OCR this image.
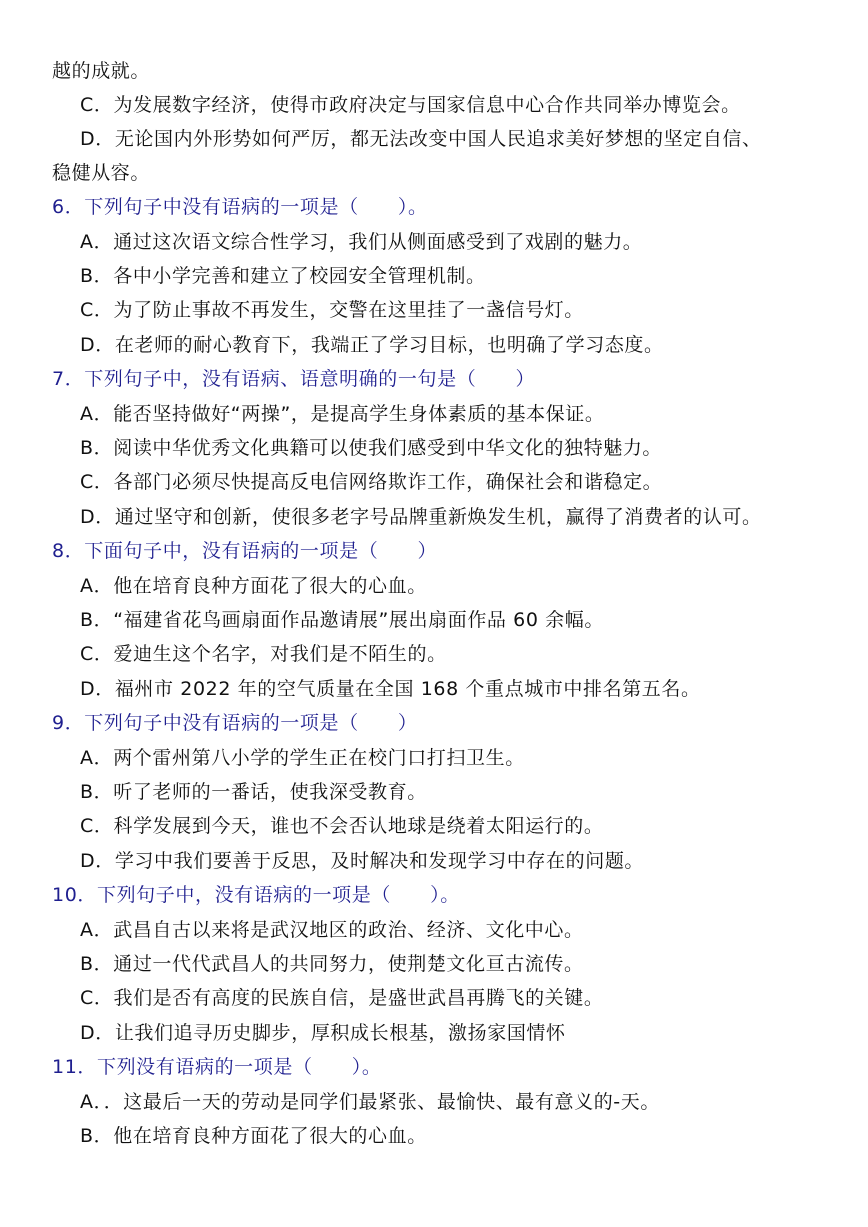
越的成就。
C．为发展数字经济，使得市政府决定与国家信息中心合作共同举办博览会。
D．无论国内外形势如何严厉，都无法改变中国人民追求美好梦想的坚定自信、
稳健从容。
6．下列句子中没有语病的一项是（　　）。
A．通过这次语文综合性学习，我们从侧面感受到了戏剧的魅力。
B．各中小学完善和建立了校园安全管理机制。
C．为了防止事故不再发生，交警在这里挂了一盏信号灯。
D．在老师的耐心教育下，我端正了学习目标，也明确了学习态度。
7．下列句子中，没有语病、语意明确的一句是（　　）
A．能否坚持做好“两操”，是提高学生身体素质的基本保证。
B．阅读中华优秀文化典籍可以使我们感受到中华文化的独特魅力。
C．各部门必须尽快提高反电信网络欺诈工作，确保社会和谐稳定。
D．通过坚守和创新，使很多老字号品牌重新焕发生机，赢得了消费者的认可。
8．下面句子中，没有语病的一项是（　　）
A．他在培育良种方面花了很大的心血。
B．“福建省花鸟画扇面作品邀请展”展出扇面作品 60 余幅。
C．爱迪生这个名字，对我们是不陌生的。
D．福州市 2022 年的空气质量在全国 168 个重点城市中排名第五名。
9．下列句子中没有语病的一项是（　　）
A．两个雷州第八小学的学生正在校门口打扫卫生。
B．听了老师的一番话，使我深受教育。
C．科学发展到今天，谁也不会否认地球是绕着太阳运行的。
D．学习中我们要善于反思，及时解决和发现学习中存在的问题。
10．下列句子中，没有语病的一项是（　　）。
A．武昌自古以来将是武汉地区的政治、经济、文化中心。
B．通过一代代武昌人的共同努力，使荆楚文化亘古流传。
C．我们是否有高度的民族自信，是盛世武昌再腾飞的关键。
D．让我们追寻历史脚步，厚积成长根基，激扬家国情怀
11．下列没有语病的一项是（　　）。
A．．这最后一天的劳动是同学们最紧张、最愉快、最有意义的-天。
B．他在培育良种方面花了很大的心血。
